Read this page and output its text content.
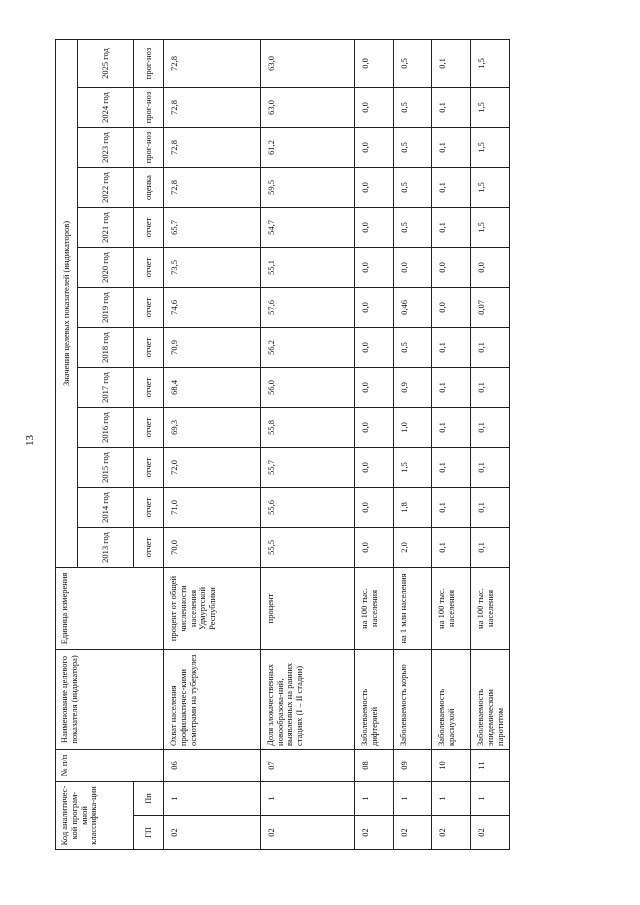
13
Код аналитичес-кой програм-мной классифика-ции		№ п/п	Наименование целевого показателя (индикатора)	Единица измерения	Значения целевых показателей (индикаторов)												
					2013 год	2014 год	2015 год	2016 год	2017 год	2018 год	2019 год	2020 год	2021 год	2022 год	2023 год	2024 год	2025 год
ГП	Пп				отчет	отчет	отчет	отчет	отчет	отчет	отчет	отчет	отчет	оценка	прог-ноз	прог-ноз	прог-ноз
02	1	06	Охват населения профилактичес-кими осмотрами на туберкулез	процент от общей численности населения Удмуртской Республики	70,0	71,0	72,0	69,3	68,4	70,9	74,6	73,5	65,7	72,8	72,8	72,8	72,8
02	1	07	Доля злокачественных новообразова-ний, выявленных на ранних стадиях (I – II стадии)	процент	55,5	55,6	55,7	55,8	56,0	56,2	57,6	55,1	54,7	59,5	61,2	63,0	63,0
02	1	08	Заболеваемость дифтерией	на 100 тыс. населения	0,0	0,0	0,0	0,0	0,0	0,0	0,0	0,0	0,0	0,0	0,0	0,0	0,0
02	1	09	Заболеваемость корью	на 1 млн населения	2,0	1,8	1,5	1,0	0,9	0,5	0,46	0,0	0,5	0,5	0,5	0,5	0,5
02	1	10	Заболеваемость краснухой	на 100 тыс. населения	0,1	0,1	0,1	0,1	0,1	0,1	0,0	0,0	0,1	0,1	0,1	0,1	0,1
02	1	11	Заболеваемость эпидемическим паротитом	на 100 тыс. населения	0,1	0,1	0,1	0,1	0,1	0,1	0,07	0,0	1,5	1,5	1,5	1,5	1,5
